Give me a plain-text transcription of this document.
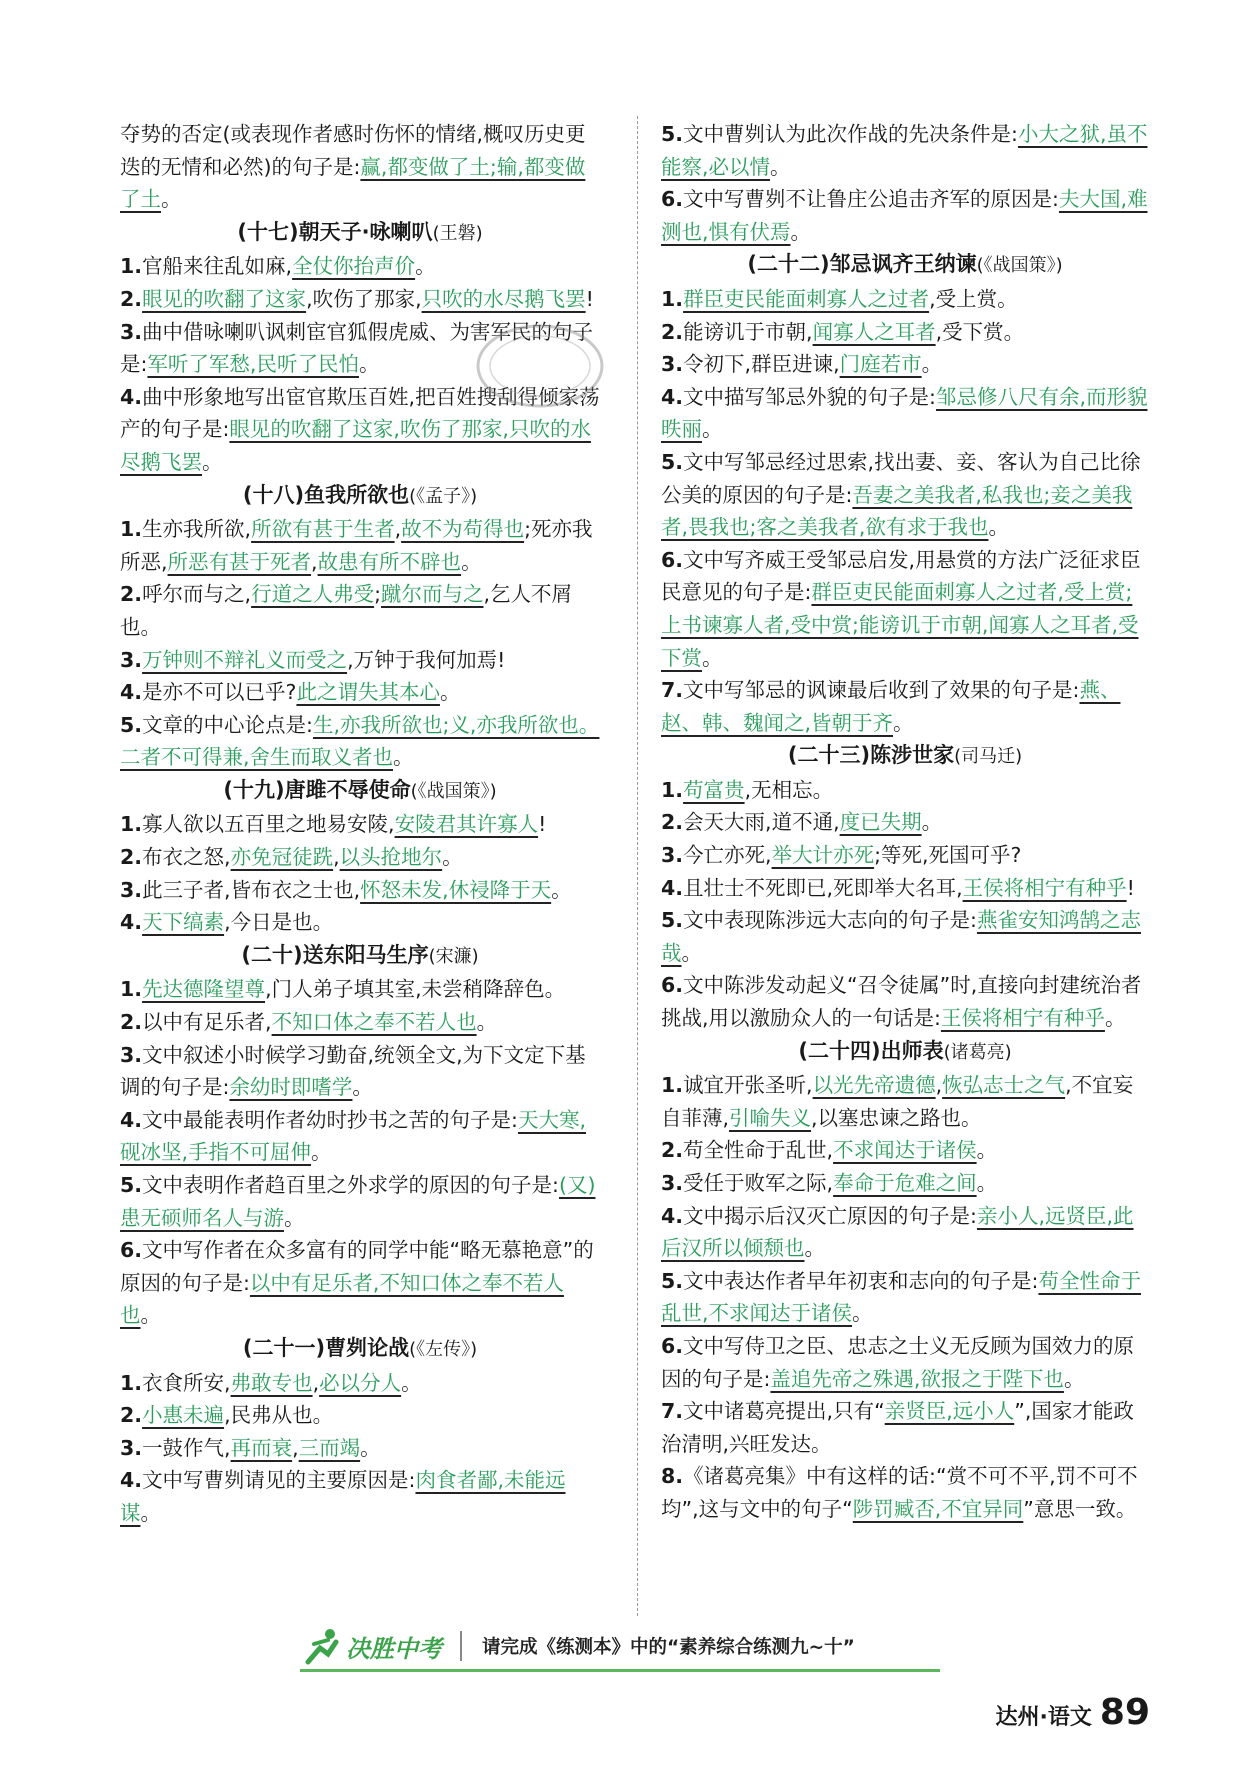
夺势的否定(或表现作者感时伤怀的情绪,概叹历史更迭的无情和必然)的句子是:赢,都变做了土;输,都变做了土。

(十七)朝天子·咏喇叭(王磐)

1.官船来往乱如麻,全仗你抬声价。

2.眼见的吹翻了这家,吹伤了那家,只吹的水尽鹅飞罢!

3.曲中借咏喇叭讽刺宦官狐假虎威、为害军民的句子是:军听了军愁,民听了民怕。

4.曲中形象地写出宦官欺压百姓,把百姓搜刮得倾家荡产的句子是:眼见的吹翻了这家,吹伤了那家,只吹的水尽鹅飞罢。

(十八)鱼我所欲也(《孟子》)

1.生亦我所欲,所欲有甚于生者,故不为苟得也;死亦我所恶,所恶有甚于死者,故患有所不辟也。

2.呼尔而与之,行道之人弗受;蹴尔而与之,乞人不屑也。

3.万钟则不辩礼义而受之,万钟于我何加焉!

4.是亦不可以已乎?此之谓失其本心。

5.文章的中心论点是:生,亦我所欲也;义,亦我所欲也。二者不可得兼,舍生而取义者也。

(十九)唐雎不辱使命(《战国策》)

1.寡人欲以五百里之地易安陵,安陵君其许寡人!

2.布衣之怒,亦免冠徒跣,以头抢地尔。

3.此三子者,皆布衣之士也,怀怒未发,休祲降于天。

4.天下缟素,今日是也。

(二十)送东阳马生序(宋濂)

1.先达德隆望尊,门人弟子填其室,未尝稍降辞色。

2.以中有足乐者,不知口体之奉不若人也。

3.文中叙述小时候学习勤奋,统领全文,为下文定下基调的句子是:余幼时即嗜学。

4.文中最能表明作者幼时抄书之苦的句子是:天大寒,砚冰坚,手指不可屈伸。

5.文中表明作者趋百里之外求学的原因的句子是:(又)患无硕师名人与游。

6.文中写作者在众多富有的同学中能“略无慕艳意”的原因的句子是:以中有足乐者,不知口体之奉不若人也。

(二十一)曹刿论战(《左传》)

1.衣食所安,弗敢专也,必以分人。

2.小惠未遍,民弗从也。

3.一鼓作气,再而衰,三而竭。

4.文中写曹刿请见的主要原因是:肉食者鄙,未能远谋。

5.文中曹刿认为此次作战的先决条件是:小大之狱,虽不能察,必以情。

6.文中写曹刿不让鲁庄公追击齐军的原因是:夫大国,难测也,惧有伏焉。

(二十二)邹忌讽齐王纳谏(《战国策》)

1.群臣吏民能面刺寡人之过者,受上赏。

2.能谤讥于市朝,闻寡人之耳者,受下赏。

3.令初下,群臣进谏,门庭若市。

4.文中描写邹忌外貌的句子是:邹忌修八尺有余,而形貌昳丽。

5.文中写邹忌经过思索,找出妻、妾、客认为自己比徐公美的原因的句子是:吾妻之美我者,私我也;妾之美我者,畏我也;客之美我者,欲有求于我也。

6.文中写齐威王受邹忌启发,用悬赏的方法广泛征求臣民意见的句子是:群臣吏民能面刺寡人之过者,受上赏;上书谏寡人者,受中赏;能谤讥于市朝,闻寡人之耳者,受下赏。

7.文中写邹忌的讽谏最后收到了效果的句子是:燕、赵、韩、魏闻之,皆朝于齐。

(二十三)陈涉世家(司马迁)

1.苟富贵,无相忘。

2.会天大雨,道不通,度已失期。

3.今亡亦死,举大计亦死;等死,死国可乎?

4.且壮士不死即已,死即举大名耳,王侯将相宁有种乎!

5.文中表现陈涉远大志向的句子是:燕雀安知鸿鹄之志哉。

6.文中陈涉发动起义“召令徒属”时,直接向封建统治者挑战,用以激励众人的一句话是:王侯将相宁有种乎。

(二十四)出师表(诸葛亮)

1.诚宜开张圣听,以光先帝遗德,恢弘志士之气,不宜妄自菲薄,引喻失义,以塞忠谏之路也。

2.苟全性命于乱世,不求闻达于诸侯。

3.受任于败军之际,奉命于危难之间。

4.文中揭示后汉灭亡原因的句子是:亲小人,远贤臣,此后汉所以倾颓也。

5.文中表达作者早年初衷和志向的句子是:苟全性命于乱世,不求闻达于诸侯。

6.文中写侍卫之臣、忠志之士义无反顾为国效力的原因的句子是:盖追先帝之殊遇,欲报之于陛下也。

7.文中诸葛亮提出,只有“亲贤臣,远小人”,国家才能政治清明,兴旺发达。

8.《诸葛亮集》中有这样的话:“赏不可不平,罚不可不均”,这与文中的句子“陟罚臧否,不宜异同”意思一致。

决胜中考 请完成《练测本》中的“素养综合练测九~十”
达州·语文 89
